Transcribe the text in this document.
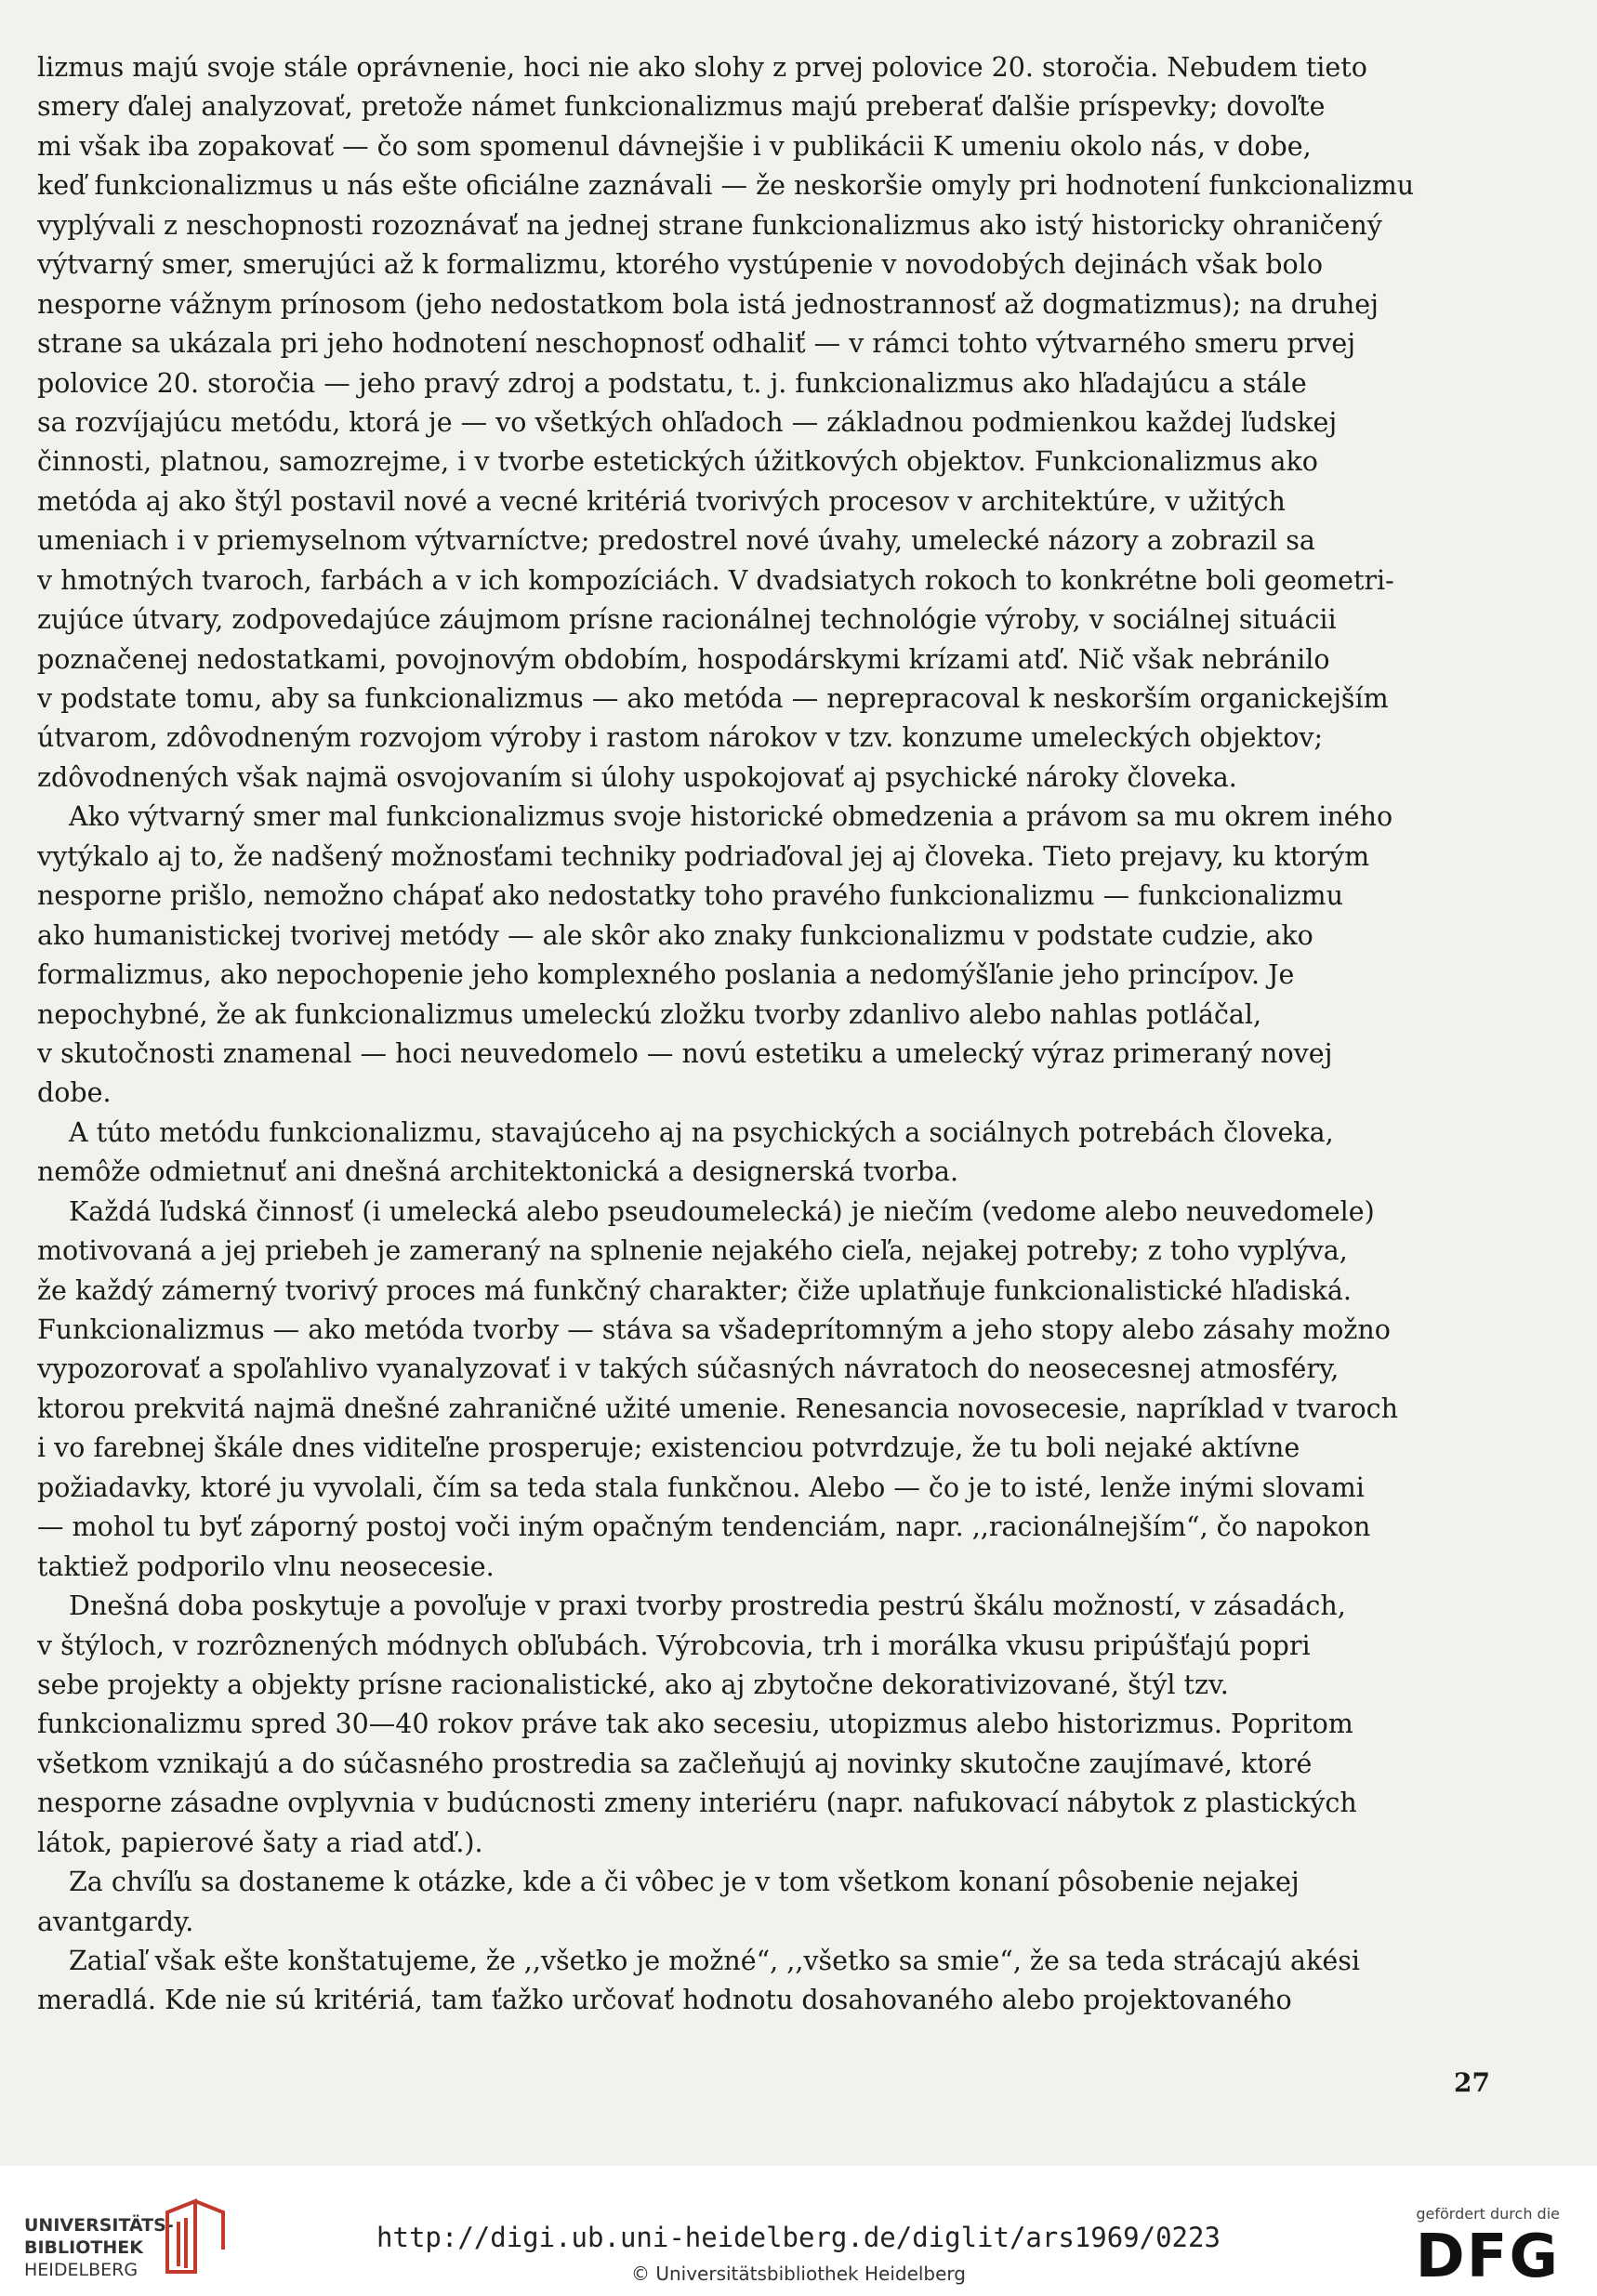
lizmus majú svoje stále oprávnenie, hoci nie ako slohy z prvej polovice 20. storočia. Nebudem tieto
smery ďalej analyzovať, pretože námet funkcionalizmus majú preberať ďalšie príspevky; dovoľte
mi však iba zopakovať — čo som spomenul dávnejšie i v publikácii K umeniu okolo nás, v dobe,
keď funkcionalizmus u nás ešte oficiálne zaznávali — že neskoršie omyly pri hodnotení funkcionalizmu
vyplývali z neschopnosti rozoznávať na jednej strane funkcionalizmus ako istý historicky ohraničený
výtvarný smer, smerujúci až k formalizmu, ktorého vystúpenie v novodobých dejinách však bolo
nesporne vážnym prínosom (jeho nedostatkom bola istá jednostrannosť až dogmatizmus); na druhej
strane sa ukázala pri jeho hodnotení neschopnosť odhaliť — v rámci tohto výtvarného smeru prvej
polovice 20. storočia — jeho pravý zdroj a podstatu, t. j. funkcionalizmus ako hľadajúcu a stále
sa rozvíjajúcu metódu, ktorá je — vo všetkých ohľadoch — základnou podmienkou každej ľudskej
činnosti, platnou, samozrejme, i v tvorbe estetických úžitkových objektov. Funkcionalizmus ako
metóda aj ako štýl postavil nové a vecné kritériá tvorivých procesov v architektúre, v užitých
umeniach i v priemyselnom výtvarníctve; predostrel nové úvahy, umelecké názory a zobrazil sa
v hmotných tvaroch, farbách a v ich kompozíciách. V dvadsiatych rokoch to konkrétne boli geometri-
zujúce útvary, zodpovedajúce záujmom prísne racionálnej technológie výroby, v sociálnej situácii
poznačenej nedostatkami, povojnovým obdobím, hospodárskymi krízami atď. Nič však nebránilo
v podstate tomu, aby sa funkcionalizmus — ako metóda — neprepracoval k neskorším organickejším
útvarom, zdôvodneným rozvojom výroby i rastom nárokov v tzv. konzume umeleckých objektov;
zdôvodnených však najmä osvojovaním si úlohy uspokojovať aj psychické nároky človeka.
Ako výtvarný smer mal funkcionalizmus svoje historické obmedzenia a právom sa mu okrem iného
vytýkalo aj to, že nadšený možnosťami techniky podriaďoval jej aj človeka. Tieto prejavy, ku ktorým
nesporne prišlo, nemožno chápať ako nedostatky toho pravého funkcionalizmu — funkcionalizmu
ako humanistickej tvorivej metódy — ale skôr ako znaky funkcionalizmu v podstate cudzie, ako
formalizmus, ako nepochopenie jeho komplexného poslania a nedomýšľanie jeho princípov. Je
nepochybné, že ak funkcionalizmus umeleckú zložku tvorby zdanlivo alebo nahlas potláčal,
v skutočnosti znamenal — hoci neuvedomelo — novú estetiku a umelecký výraz primeraný novej
dobe.
A túto metódu funkcionalizmu, stavajúceho aj na psychických a sociálnych potrebách človeka,
nemôže odmietnuť ani dnešná architektonická a designerská tvorba.
Každá ľudská činnosť (i umelecká alebo pseudoumelecká) je niečím (vedome alebo neuvedomele)
motivovaná a jej priebeh je zameraný na splnenie nejakého cieľa, nejakej potreby; z toho vyplýva,
že každý zámerný tvorivý proces má funkčný charakter; čiže uplatňuje funkcionalistické hľadiská.
Funkcionalizmus — ako metóda tvorby — stáva sa všadeprítomným a jeho stopy alebo zásahy možno
vypozorovať a spoľahlivo vyanalyzovať i v takých súčasných návratoch do neosecesnej atmosféry,
ktorou prekvitá najmä dnešné zahraničné užité umenie. Renesancia novosecesie, napríklad v tvaroch
i vo farebnej škále dnes viditeľne prosperuje; existenciou potvrdzuje, že tu boli nejaké aktívne
požiadavky, ktoré ju vyvolali, čím sa teda stala funkčnou. Alebo — čo je to isté, lenže inými slovami
— mohol tu byť záporný postoj voči iným opačným tendenciám, napr. ,,racionálnejším“, čo napokon
taktiež podporilo vlnu neosecesie.
Dnešná doba poskytuje a povoľuje v praxi tvorby prostredia pestrú škálu možností, v zásadách,
v štýloch, v rozrôznených módnych obľubách. Výrobcovia, trh i morálka vkusu pripúšťajú popri
sebe projekty a objekty prísne racionalistické, ako aj zbytočne dekorativizované, štýl tzv.
funkcionalizmu spred 30—40 rokov práve tak ako secesiu, utopizmus alebo historizmus. Popritom
všetkom vznikajú a do súčasného prostredia sa začleňujú aj novinky skutočne zaujímavé, ktoré
nesporne zásadne ovplyvnia v budúcnosti zmeny interiéru (napr. nafukovací nábytok z plastických
látok, papierové šaty a riad atď.).
Za chvíľu sa dostaneme k otázke, kde a či vôbec je v tom všetkom konaní pôsobenie nejakej
avantgardy.
Zatiaľ však ešte konštatujeme, že ,,všetko je možné“, ,,všetko sa smie“, že sa teda strácajú akési
meradlá. Kde nie sú kritériá, tam ťažko určovať hodnotu dosahovaného alebo projektovaného
27
UNIVERSITÄTS-
BIBLIOTHEK
HEIDELBERG
http://digi.ub.uni-heidelberg.de/diglit/ars1969/0223
© Universitätsbibliothek Heidelberg
gefördert durch die
DFG
